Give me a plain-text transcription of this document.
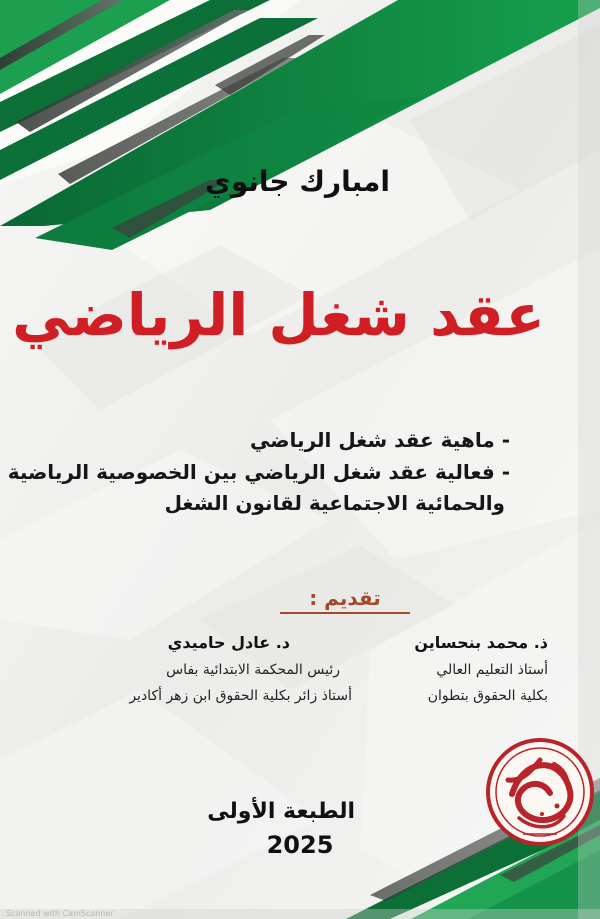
امبارك جانوي
عقد شغل الرياضي
- ماهية عقد شغل الرياضي
- فعالية عقد شغل الرياضي بين الخصوصية الرياضية
والحمائية الاجتماعية لقانون الشغل
تقديم :
ذ. محمد بنحساين
أستاذ التعليم العالي
بكلية الحقوق بتطوان
د. عادل حاميدي
رئيس المحكمة الابتدائية بفاس
أستاذ زائر بكلية الحقوق ابن زهر أكادير
الطبعة الأولى
2025
Scanned with CamScanner
